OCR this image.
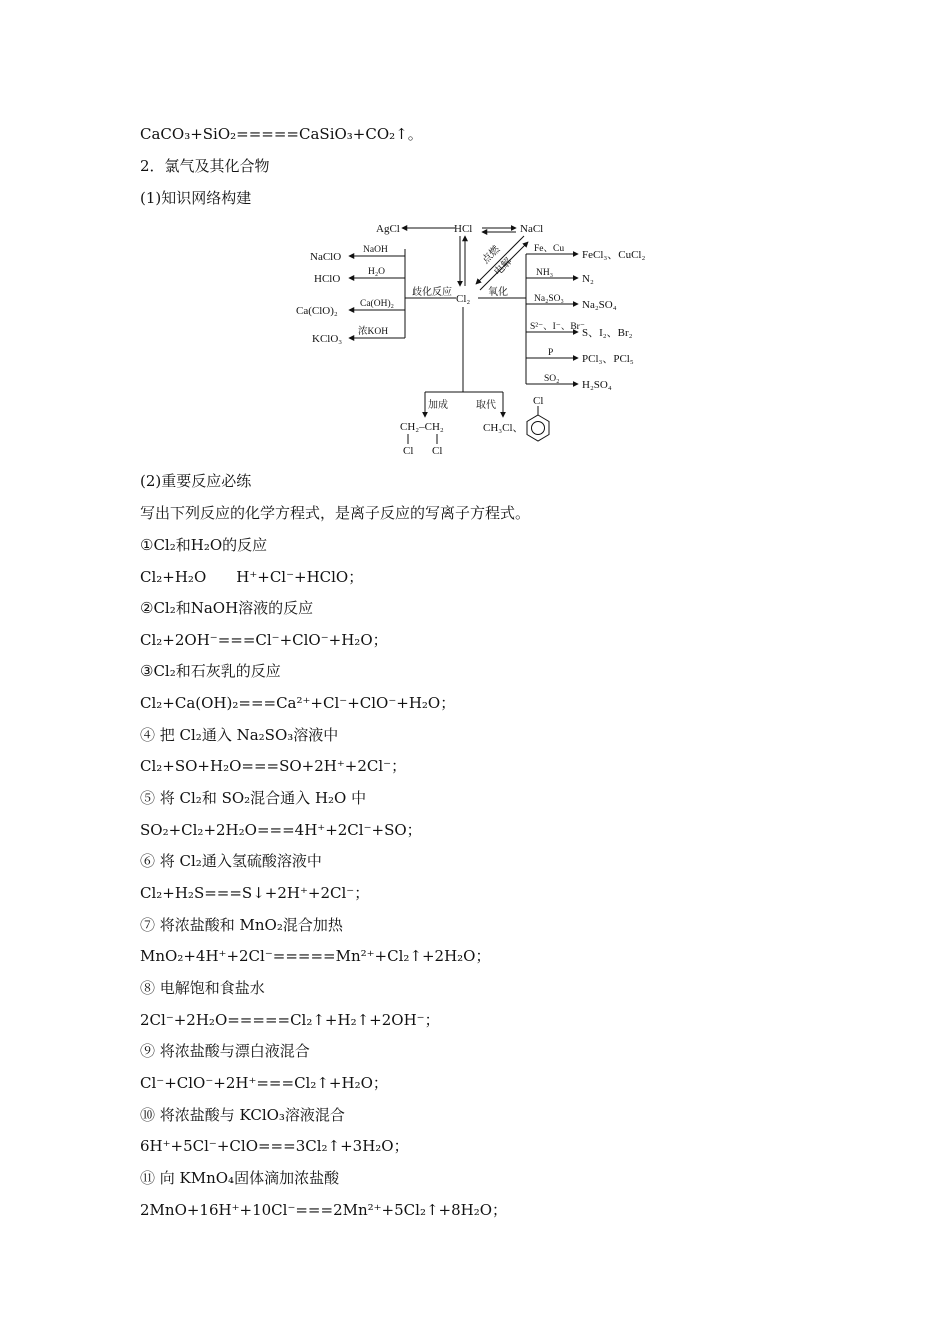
CaCO₃+SiO₂=====CaSiO₃+CO₂↑。
2．氯气及其化合物
(1)知识网络构建
AgCl	HCl	NaCl
Cl₂
点燃
电解
歧化反应	氧化
NaClO
NaOH
HClO
H₂O
Ca(ClO)₂
Ca(OH)₂
KClO₃
浓KOH
Fe、Cu FeCl₃、CuCl₂
NH₃	N₂
Na₂SO₃ Na₂SO₄
S²⁻、I⁻、Br⁻
S、I₂、Br₂
P	PCl₃、PCl₅
SO₂ H₂SO₄
加成	取代
CH₂–CH₂
Cl Cl
CH₃Cl、
Cl
(2)重要反应必练
写出下列反应的化学方程式，是离子反应的写离子方程式。
①Cl₂和H₂O的反应
Cl₂+H₂O　　H⁺+Cl⁻+HClO；
②Cl₂和NaOH溶液的反应
Cl₂+2OH⁻===Cl⁻+ClO⁻+H₂O；
③Cl₂和石灰乳的反应
Cl₂+Ca(OH)₂===Ca²⁺+Cl⁻+ClO⁻+H₂O；
④ 把 Cl₂通入 Na₂SO₃溶液中
Cl₂+SO+H₂O===SO+2H⁺+2Cl⁻；
⑤ 将 Cl₂和 SO₂混合通入 H₂O 中
SO₂+Cl₂+2H₂O===4H⁺+2Cl⁻+SO；
⑥ 将 Cl₂通入氢硫酸溶液中
Cl₂+H₂S===S↓+2H⁺+2Cl⁻；
⑦ 将浓盐酸和 MnO₂混合加热
MnO₂+4H⁺+2Cl⁻=====Mn²⁺+Cl₂↑+2H₂O；
⑧ 电解饱和食盐水
2Cl⁻+2H₂O=====Cl₂↑+H₂↑+2OH⁻；
⑨ 将浓盐酸与漂白液混合
Cl⁻+ClO⁻+2H⁺===Cl₂↑+H₂O；
⑩ 将浓盐酸与 KClO₃溶液混合
6H⁺+5Cl⁻+ClO===3Cl₂↑+3H₂O；
⑪ 向 KMnO₄固体滴加浓盐酸
2MnO+16H⁺+10Cl⁻===2Mn²⁺+5Cl₂↑+8H₂O；
